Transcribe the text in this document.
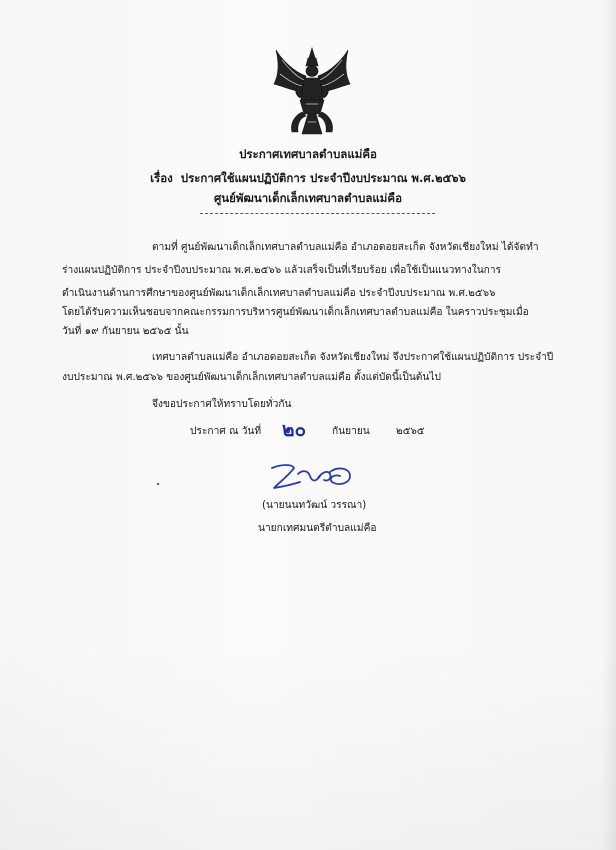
ประกาศเทศบาลตำบลแม่คือ
เรื่อง ประกาศใช้แผนปฏิบัติการ ประจำปีงบประมาณ พ.ศ.๒๕๖๖
ศูนย์พัฒนาเด็กเล็กเทศบาลตำบลแม่คือ
ตามที่ ศูนย์พัฒนาเด็กเล็กเทศบาลตำบลแม่คือ อำเภอดอยสะเก็ด จังหวัดเชียงใหม่ ได้จัดทำ
ร่างแผนปฏิบัติการ ประจำปีงบประมาณ พ.ศ.๒๕๖๖ แล้วเสร็จเป็นที่เรียบร้อย เพื่อใช้เป็นแนวทางในการ
ดำเนินงานด้านการศึกษาของศูนย์พัฒนาเด็กเล็กเทศบาลตำบลแม่คือ ประจำปีงบประมาณ พ.ศ.๒๕๖๖
โดยได้รับความเห็นชอบจากคณะกรรมการบริหารศูนย์พัฒนาเด็กเล็กเทศบาลตำบลแม่คือ ในคราวประชุมเมื่อ
วันที่ ๑๙ กันยายน ๒๕๖๕ นั้น
เทศบาลตำบลแม่คือ อำเภอดอยสะเก็ด จังหวัดเชียงใหม่ จึงประกาศใช้แผนปฏิบัติการ ประจำปี
งบประมาณ พ.ศ.๒๕๖๖ ของศูนย์พัฒนาเด็กเล็กเทศบาลตำบลแม่คือ ตั้งแต่บัดนี้เป็นต้นไป
จึงขอประกาศให้ทราบโดยทั่วกัน
ประกาศ ณ วันที่ ๒๐	กันยายน	๒๕๖๕
(นายนนทวัฒน์ วรรณา)
นายกเทศมนตรีตำบลแม่คือ
